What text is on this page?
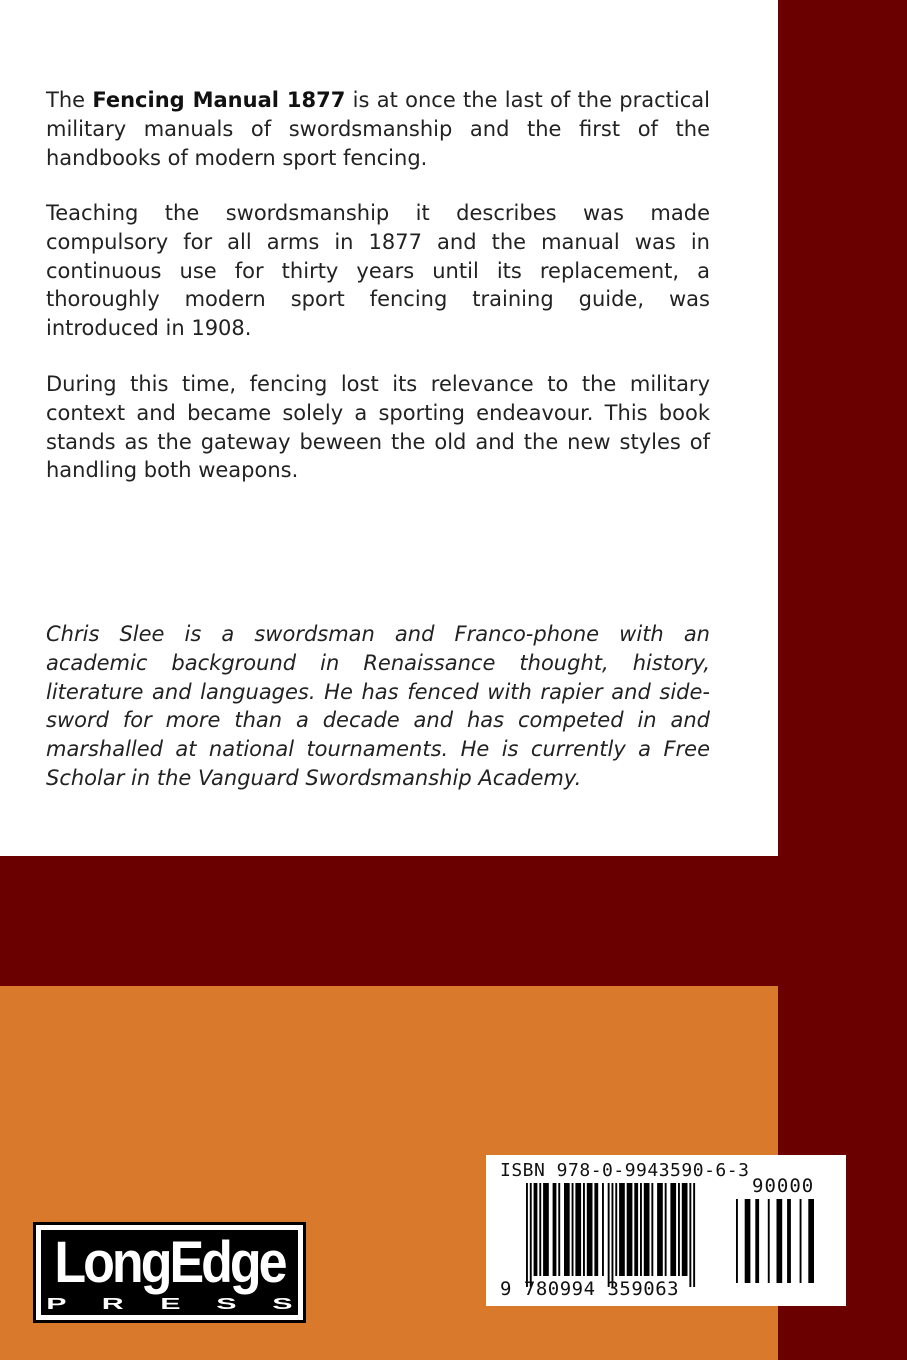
The Fencing Manual 1877 is at once the last of the practical military manuals of swordsmanship and the first of the handbooks of modern sport fencing.

Teaching the swordsmanship it describes was made compulsory for all arms in 1877 and the manual was in continuous use for thirty years until its replacement, a thoroughly modern sport fencing training guide, was introduced in 1908.

During this time, fencing lost its relevance to the military context and became solely a sporting endeavour. This book stands as the gateway beween the old and the new styles of handling both weapons.

Chris Slee is a swordsman and Franco-phone with an academic background in Renaissance thought, history, literature and languages. He has fenced with rapier and side-sword for more than a decade and has competed in and marshalled at national tournaments. He is currently a Free Scholar in the Vanguard Swordsmanship Academy.

LongEdge
P R E S S
ISBN 978-0-9943590-6-3
90000
9 780994 359063
